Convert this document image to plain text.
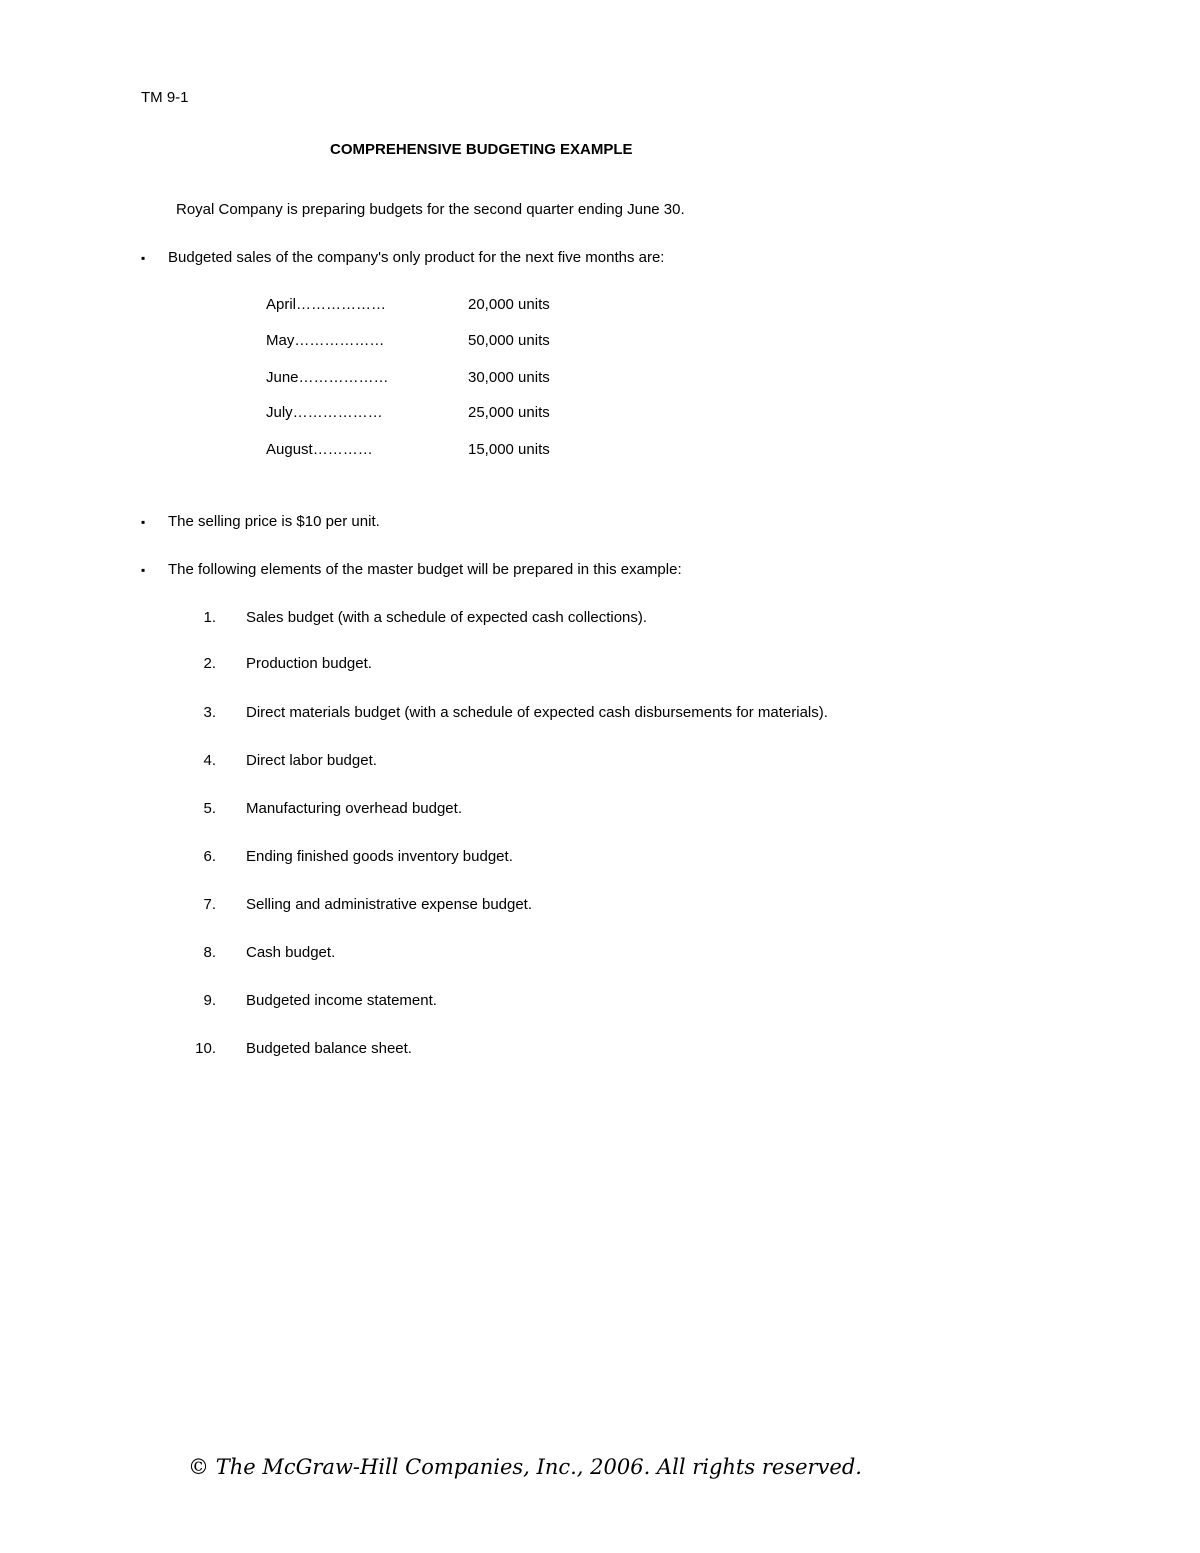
TM 9-1
COMPREHENSIVE BUDGETING EXAMPLE
Royal Company is preparing budgets for the second quarter ending June 30.
▪ Budgeted sales of the company's only product for the next five months are:
April………………	20,000 units
May………………	50,000 units
June………………	30,000 units
July………………	25,000 units
August…………	15,000 units
▪ The selling price is $10 per unit.
▪ The following elements of the master budget will be prepared in this example:
1. Sales budget (with a schedule of expected cash collections).
2. Production budget.
3. Direct materials budget (with a schedule of expected cash disbursements for materials).
4. Direct labor budget.
5. Manufacturing overhead budget.
6. Ending finished goods inventory budget.
7. Selling and administrative expense budget.
8. Cash budget.
9. Budgeted income statement.
10. Budgeted balance sheet.
© The McGraw-Hill Companies, Inc., 2006. All rights reserved.
